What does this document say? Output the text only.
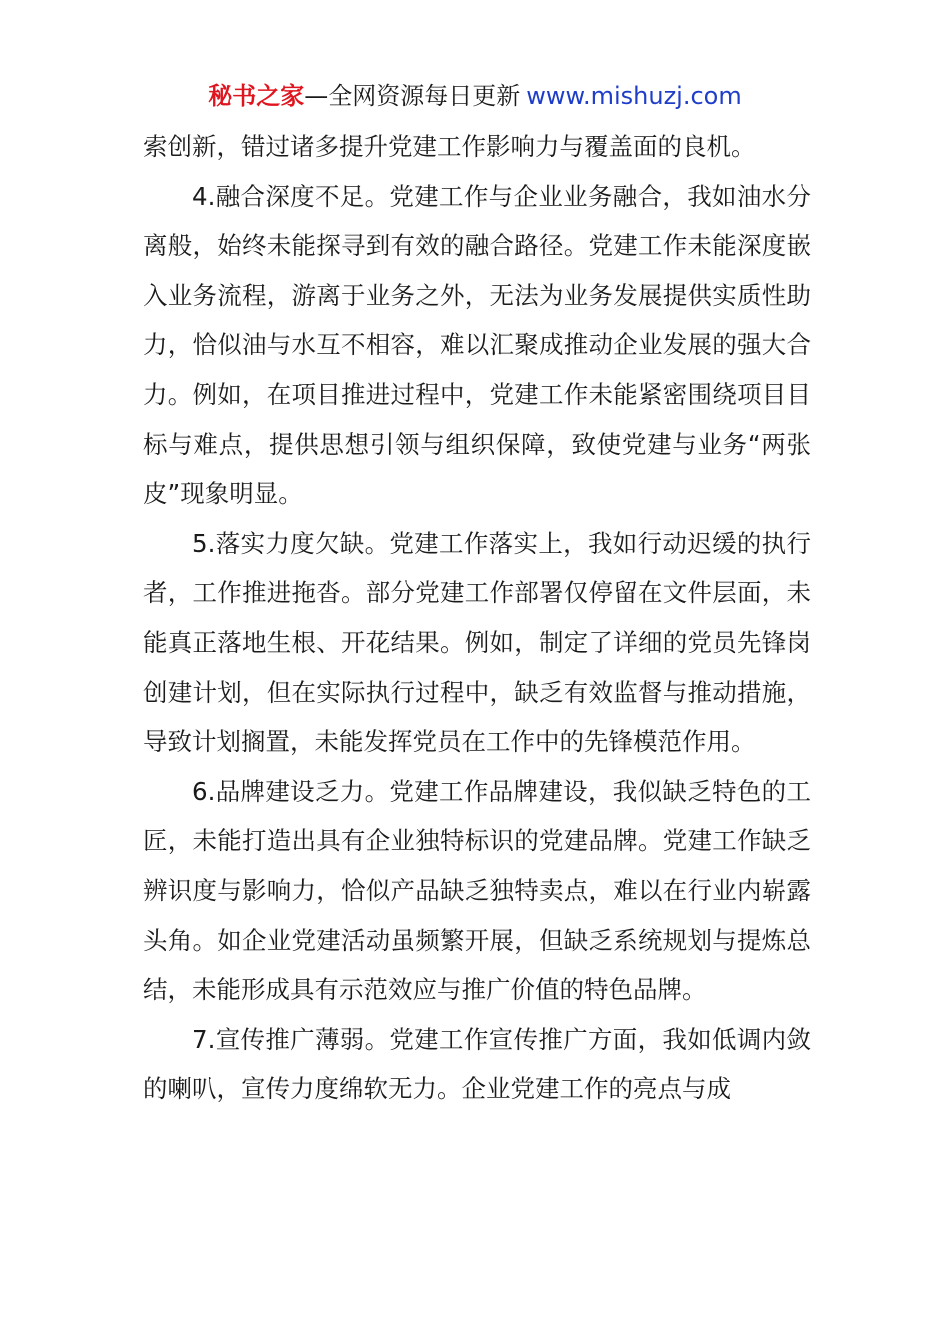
秘书之家—全网资源每日更新 www.mishuzj.com

索创新，错过诸多提升党建工作影响力与覆盖面的良机。

4.融合深度不足。党建工作与企业业务融合，我如油水分离般，始终未能探寻到有效的融合路径。党建工作未能深度嵌入业务流程，游离于业务之外，无法为业务发展提供实质性助力，恰似油与水互不相容，难以汇聚成推动企业发展的强大合力。例如，在项目推进过程中，党建工作未能紧密围绕项目目标与难点，提供思想引领与组织保障，致使党建与业务“两张皮”现象明显。

5.落实力度欠缺。党建工作落实上，我如行动迟缓的执行者，工作推进拖沓。部分党建工作部署仅停留在文件层面，未能真正落地生根、开花结果。例如，制定了详细的党员先锋岗创建计划，但在实际执行过程中，缺乏有效监督与推动措施，导致计划搁置，未能发挥党员在工作中的先锋模范作用。

6.品牌建设乏力。党建工作品牌建设，我似缺乏特色的工匠，未能打造出具有企业独特标识的党建品牌。党建工作缺乏辨识度与影响力，恰似产品缺乏独特卖点，难以在行业内崭露头角。如企业党建活动虽频繁开展，但缺乏系统规划与提炼总结，未能形成具有示范效应与推广价值的特色品牌。

7.宣传推广薄弱。党建工作宣传推广方面，我如低调内敛的喇叭，宣传力度绵软无力。企业党建工作的亮点与成
